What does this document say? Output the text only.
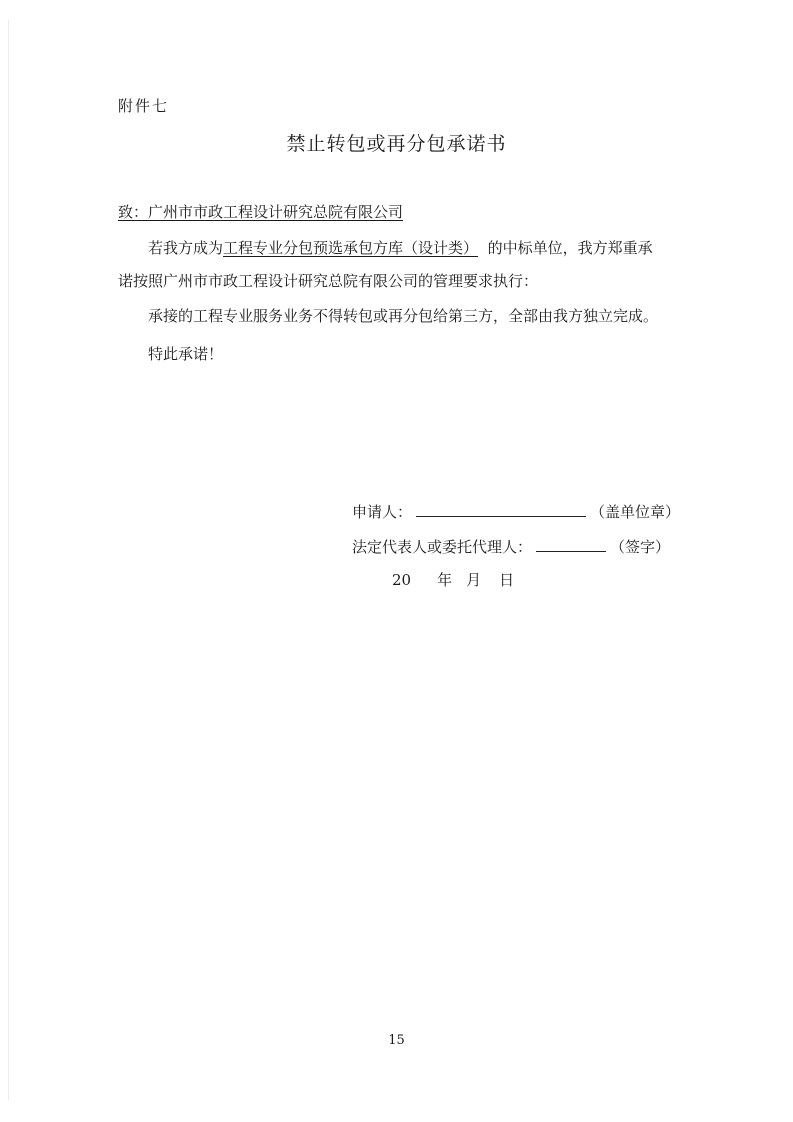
附件七
禁止转包或再分包承诺书
致：广州市市政工程设计研究总院有限公司
若我方成为工程专业分包预选承包方库（设计类） 的中标单位，我方郑重承
诺按照广州市市政工程设计研究总院有限公司的管理要求执行：
承接的工程专业服务业务不得转包或再分包给第三方，全部由我方独立完成。
特此承诺！
申请人：	（盖单位章）
法定代表人或委托代理人：	（签字）
20 年 月 日
15
